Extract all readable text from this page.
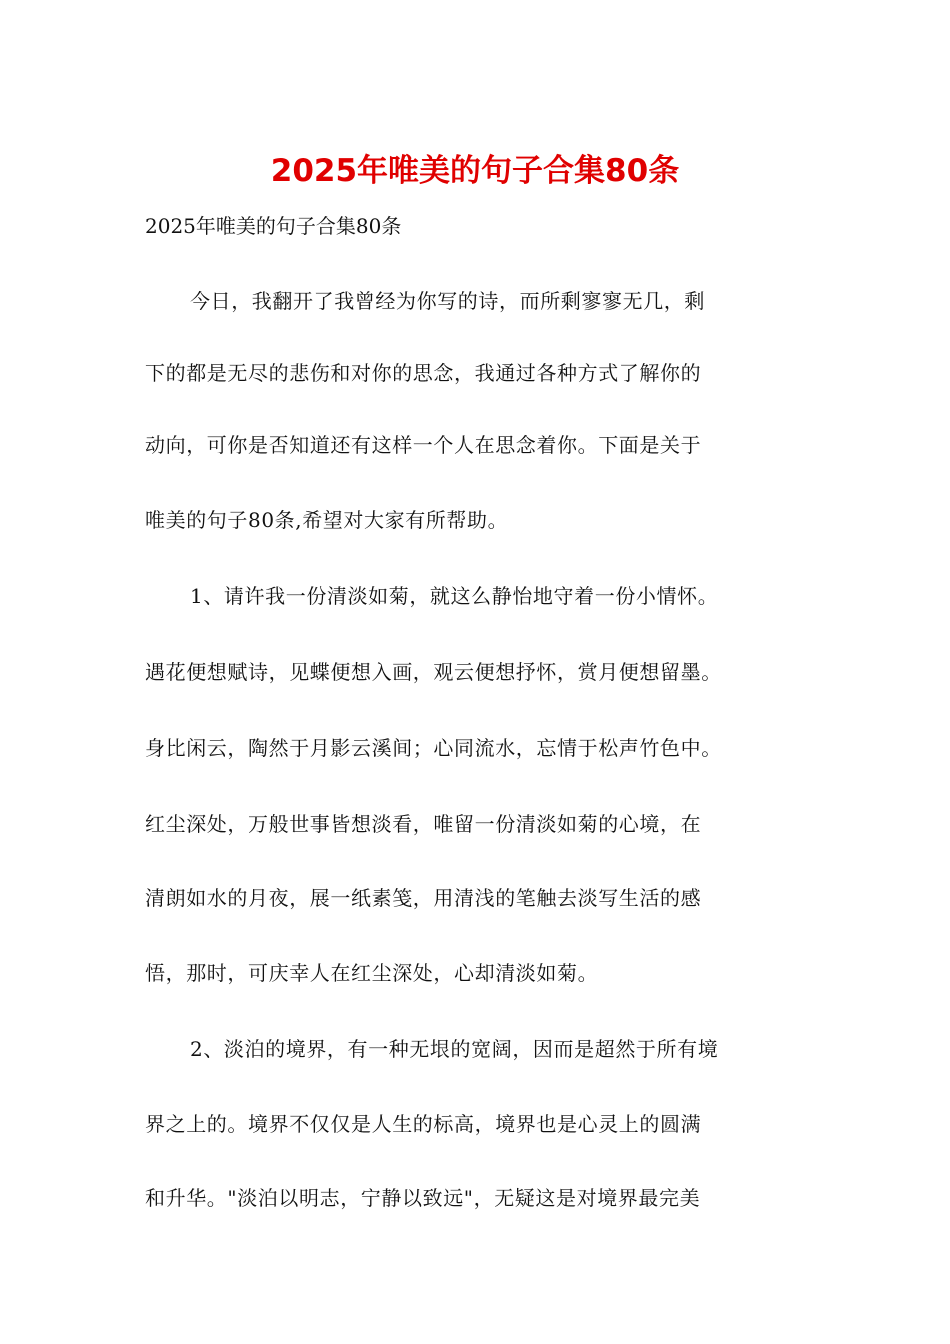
2025年唯美的句子合集80条
2025年唯美的句子合集80条
今日，我翻开了我曾经为你写的诗，而所剩寥寥无几，剩
下的都是无尽的悲伤和对你的思念，我通过各种方式了解你的
动向，可你是否知道还有这样一个人在思念着你。下面是关于
唯美的句子80条,希望对大家有所帮助。
1、请许我一份清淡如菊，就这么静怡地守着一份小情怀。
遇花便想赋诗，见蝶便想入画，观云便想抒怀，赏月便想留墨。
身比闲云，陶然于月影云溪间；心同流水，忘情于松声竹色中。
红尘深处，万般世事皆想淡看，唯留一份清淡如菊的心境，在
清朗如水的月夜，展一纸素笺，用清浅的笔触去淡写生活的感
悟，那时，可庆幸人在红尘深处，心却清淡如菊。
2、淡泊的境界，有一种无垠的宽阔，因而是超然于所有境
界之上的。境界不仅仅是人生的标高，境界也是心灵上的圆满
和升华。"淡泊以明志，宁静以致远"，无疑这是对境界最完美
